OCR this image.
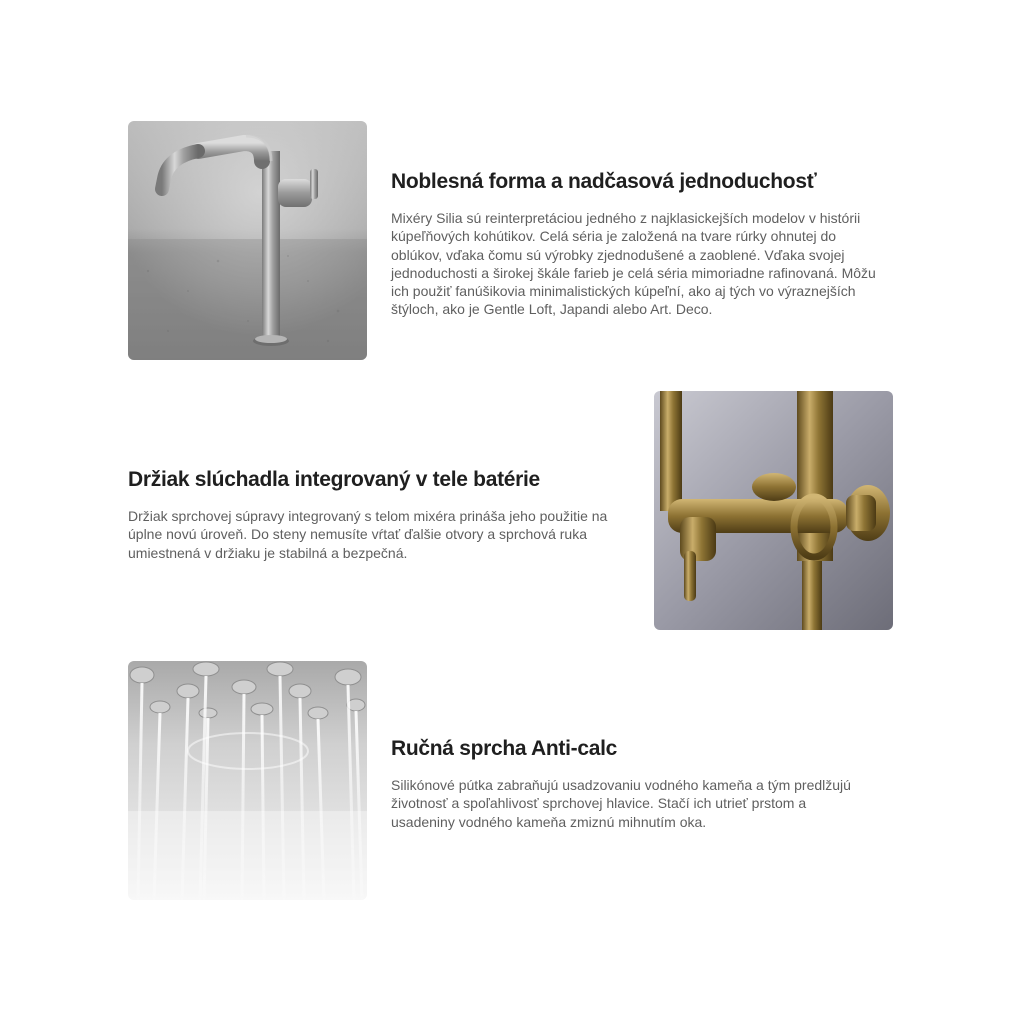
Noblesná forma a nadčasová jednoduchosť

Mixéry Silia sú reinterpretáciou jedného z najklasickejších modelov v histórii kúpeľňových kohútikov. Celá séria je založená na tvare rúrky ohnutej do oblúkov, vďaka čomu sú výrobky zjednodušené a zaoblené. Vďaka svojej jednoduchosti a širokej škále farieb je celá séria mimoriadne rafinovaná. Môžu ich použiť fanúšikovia minimalistických kúpeľní, ako aj tých vo výraznejších štýloch, ako je Gentle Loft, Japandi alebo Art. Deco.

Držiak slúchadla integrovaný v tele batérie

Držiak sprchovej súpravy integrovaný s telom mixéra prináša jeho použitie na úplne novú úroveň. Do steny nemusíte vŕtať ďalšie otvory a sprchová ruka umiestnená v držiaku je stabilná a bezpečná.

Ručná sprcha Anti-calc

Silikónové pútka zabraňujú usadzovaniu vodného kameňa a tým predlžujú životnosť a spoľahlivosť sprchovej hlavice. Stačí ich utrieť prstom a usadeniny vodného kameňa zmiznú mihnutím oka.
